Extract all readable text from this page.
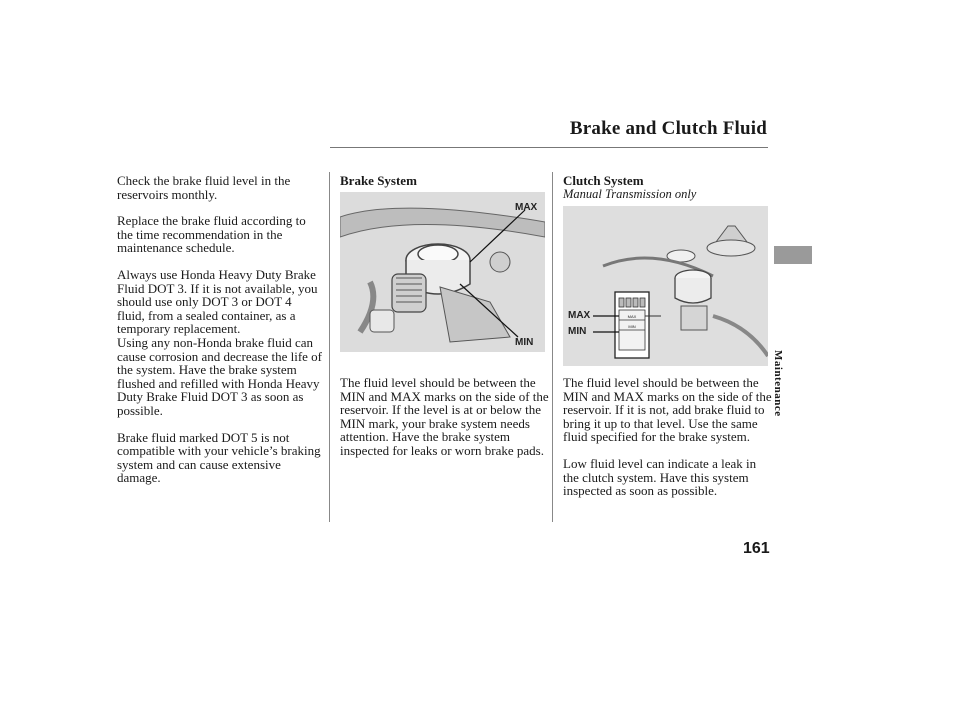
Brake and Clutch Fluid

Check the brake fluid level in the reservoirs monthly.

Replace the brake fluid according to the time recommendation in the maintenance schedule.

Always use Honda Heavy Duty Brake Fluid DOT 3. If it is not available, you should use only DOT 3 or DOT 4 fluid, from a sealed container, as a temporary replacement.

Using any non-Honda brake fluid can cause corrosion and decrease the life of the system. Have the brake system flushed and refilled with Honda Heavy Duty Brake Fluid DOT 3 as soon as possible.

Brake fluid marked DOT 5 is not compatible with your vehicle’s braking system and can cause extensive damage.

Brake System
MAX
MIN
The fluid level should be between the MIN and MAX marks on the side of the reservoir. If the level is at or below the MIN mark, your brake system needs attention. Have the brake system inspected for leaks or worn brake pads.
Clutch System
Manual Transmission only
MAX
MIN
MAX
MIN

The fluid level should be between the MIN and MAX marks on the side of the reservoir. If it is not, add brake fluid to bring it up to that level. Use the same fluid specified for the brake system.

Low fluid level can indicate a leak in the clutch system. Have this system inspected as soon as possible.

Maintenance
161
